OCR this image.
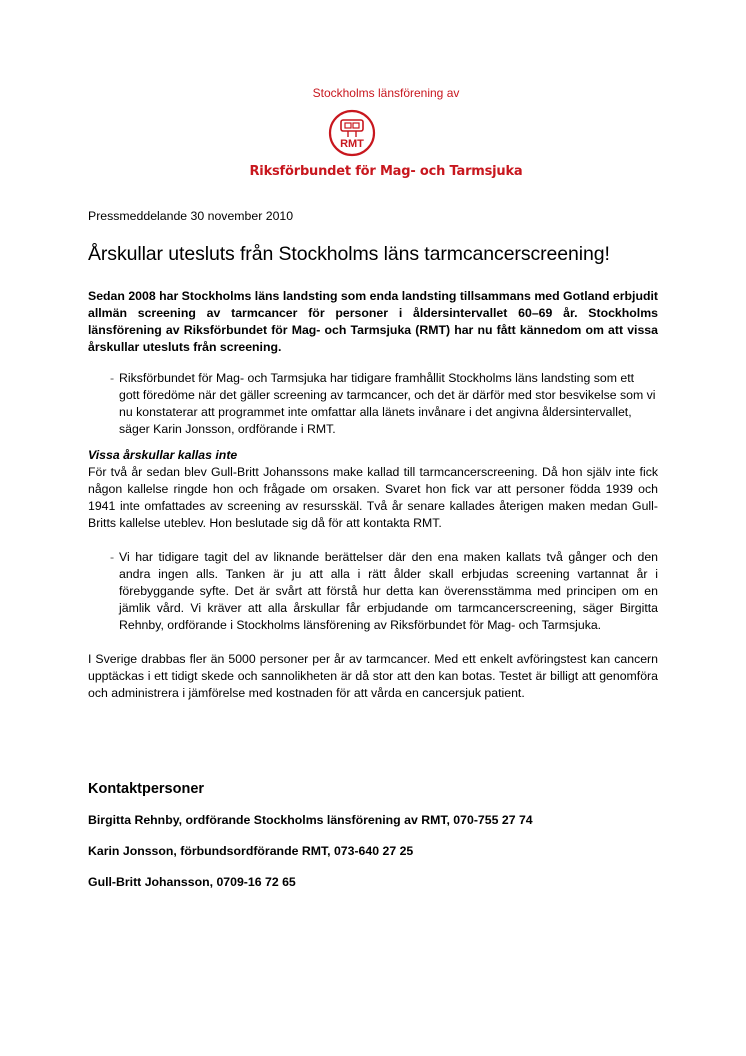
Stockholms länsförening av
RMT
Riksförbundet för Mag- och Tarmsjuka

Pressmeddelande 30 november 2010

Årskullar utesluts från Stockholms läns tarmcancerscreening!

Sedan 2008 har Stockholms läns landsting som enda landsting tillsammans med Gotland erbjudit allmän screening av tarmcancer för personer i åldersintervallet 60–69 år. Stockholms länsförening av Riksförbundet för Mag- och Tarmsjuka (RMT) har nu fått kännedom om att vissa årskullar utesluts från screening.

- Riksförbundet för Mag- och Tarmsjuka har tidigare framhållit Stockholms läns landsting som ett gott föredöme när det gäller screening av tarmcancer, och det är därför med stor besvikelse som vi nu konstaterar att programmet inte omfattar alla länets invånare i det angivna åldersintervallet, säger Karin Jonsson, ordförande i RMT.

Vissa årskullar kallas inte

För två år sedan blev Gull-Britt Johanssons make kallad till tarmcancerscreening. Då hon själv inte fick någon kallelse ringde hon och frågade om orsaken. Svaret hon fick var att personer födda 1939 och 1941 inte omfattades av screening av resursskäl. Två år senare kallades återigen maken medan Gull-Britts kallelse uteblev. Hon beslutade sig då för att kontakta RMT.

- Vi har tidigare tagit del av liknande berättelser där den ena maken kallats två gånger och den andra ingen alls. Tanken är ju att alla i rätt ålder skall erbjudas screening vartannat år i förebyggande syfte. Det är svårt att förstå hur detta kan överensstämma med principen om en jämlik vård. Vi kräver att alla årskullar får erbjudande om tarmcancerscreening, säger Birgitta Rehnby, ordförande i Stockholms länsförening av Riksförbundet för Mag- och Tarmsjuka.

I Sverige drabbas fler än 5000 personer per år av tarmcancer. Med ett enkelt avföringstest kan cancern upptäckas i ett tidigt skede och sannolikheten är då stor att den kan botas. Testet är billigt att genomföra och administrera i jämförelse med kostnaden för att vårda en cancersjuk patient.

Kontaktpersoner

Birgitta Rehnby, ordförande Stockholms länsförening av RMT, 070-755 27 74

Karin Jonsson, förbundsordförande RMT, 073-640 27 25

Gull-Britt Johansson, 0709-16 72 65
